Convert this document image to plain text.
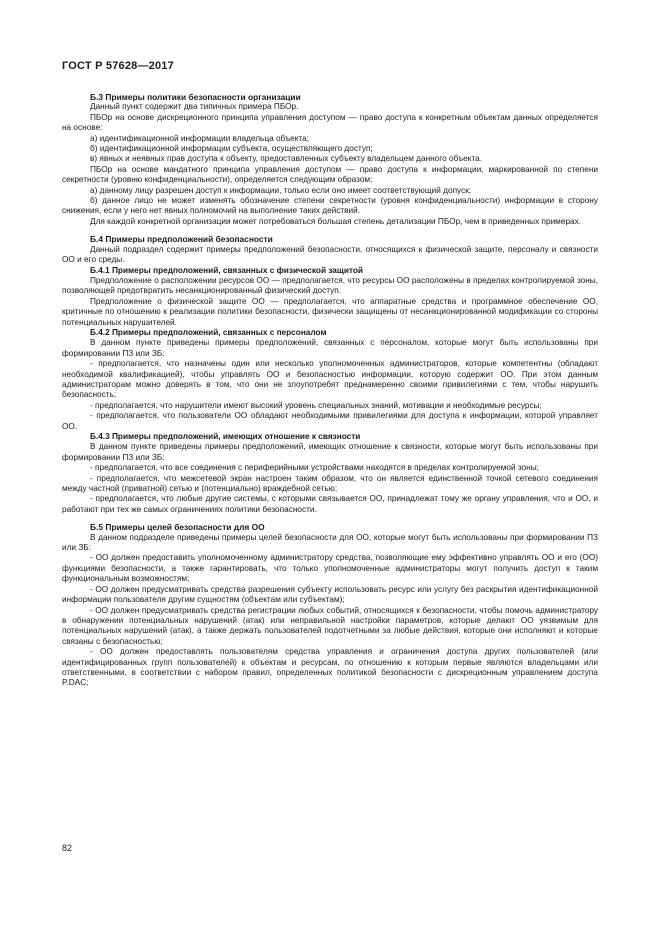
ГОСТ Р 57628—2017
Б.3 Примеры политики безопасности организации

Данный пункт содержит два типичных примера ПБОр.

ПБОр на основе дискреционного принципа управления доступом — право доступа к конкретным объектам данных определяется на основе:

а) идентификационной информации владельца объекта;

б) идентификационной информации субъекта, осуществляющего доступ;

в) явных и неявных прав доступа к объекту, предоставленных субъекту владельцем данного объекта.

ПБОр на основе мандатного принципа управления доступом — право доступа к информации, маркированной по степени секретности (уровню конфиденциальности), определяется следующим образом:

а) данному лицу разрешен доступ к информации, только если оно имеет соответствующий допуск;

б) данное лицо не может изменять обозначение степени секретности (уровня конфиденциальности) информации в сторону снижения, если у него нет явных полномочий на выполнение таких действий.

Для каждой конкретной организации может потребоваться большая степень детализации ПБОр, чем в приведенных примерах.

Б.4 Примеры предположений безопасности

Данный подраздел содержит примеры предположений безопасности, относящихся к физической защите, персоналу и связности ОО и его среды.

Б.4.1 Примеры предположений, связанных с физической защитой

Предположение о расположении ресурсов ОО — предполагается, что ресурсы ОО расположены в пределах контролируемой зоны, позволяющей предотвратить несанкционированный физический доступ.

Предположение о физической защите ОО — предполагается, что аппаратные средства и программное обеспечение ОО, критичные по отношению к реализации политики безопасности, физически защищены от несанкционированной модификации со стороны потенциальных нарушителей.

Б.4.2 Примеры предположений, связанных с персоналом

В данном пункте приведены примеры предположений, связанных с персоналом, которые могут быть использованы при формировании ПЗ или ЗБ:

- предполагается, что назначены один или несколько уполномоченных администраторов, которые компетентны (обладают необходимой квалификацией), чтобы управлять ОО и безопасностью информации, которую содержит ОО. При этом данным администраторам можно доверять в том, что они не злоупотребят преднамеренно своими привилегиями с тем, чтобы нарушить безопасность;

- предполагается, что нарушители имеют высокий уровень специальных знаний, мотивации и необходимые ресурсы;

- предполагается, что пользователи ОО обладают необходимыми привилегиями для доступа к информации, которой управляет ОО.

Б.4.3 Примеры предположений, имеющих отношение к связности

В данном пункте приведены примеры предположений, имеющих отношение к связности, которые могут быть использованы при формировании ПЗ или ЗБ:

- предполагается, что все соединения с периферийными устройствами находятся в пределах контролируемой зоны;

- предполагается, что межсетевой экран настроен таким образом, что он является единственной точкой сетевого соединения между частной (приватной) сетью и (потенциально) враждебной сетью;

- предполагается, что любые другие системы, с которыми связывается ОО, принадлежат тому же органу управления, что и ОО, и работают при тех же самых ограничениях политики безопасности.

Б.5 Примеры целей безопасности для ОО

В данном подразделе приведены примеры целей безопасности для ОО, которые могут быть использованы при формировании ПЗ или ЗБ:

- ОО должен предоставить уполномоченному администратору средства, позволяющие ему эффективно управлять ОО и его (ОО) функциями безопасности, а также гарантировать, что только уполномоченные администраторы могут получить доступ к таким функциональным возможностям;

- ОО должен предусматривать средства разрешения субъекту использовать ресурс или услугу без раскрытия идентификационной информации пользователя другим сущностям (объектам или субъектам);

- ОО должен предусматривать средства регистрации любых событий, относящихся к безопасности, чтобы помочь администратору в обнаружении потенциальных нарушений (атак) или неправильной настройки параметров, которые делают ОО уязвимым для потенциальных нарушений (атак), а также держать пользователей подотчетными за любые действия, которые они исполняют и которые связаны с безопасностью;

- ОО должен предоставлять пользователям средства управления и ограничения доступа других пользователей (или идентифицированных групп пользователей) к объектам и ресурсам, по отношению к которым первые являются владельцами или ответственными, в соответствии с набором правил, определенных политикой безопасности с дискреционным управлением доступа P.DAC;

82
